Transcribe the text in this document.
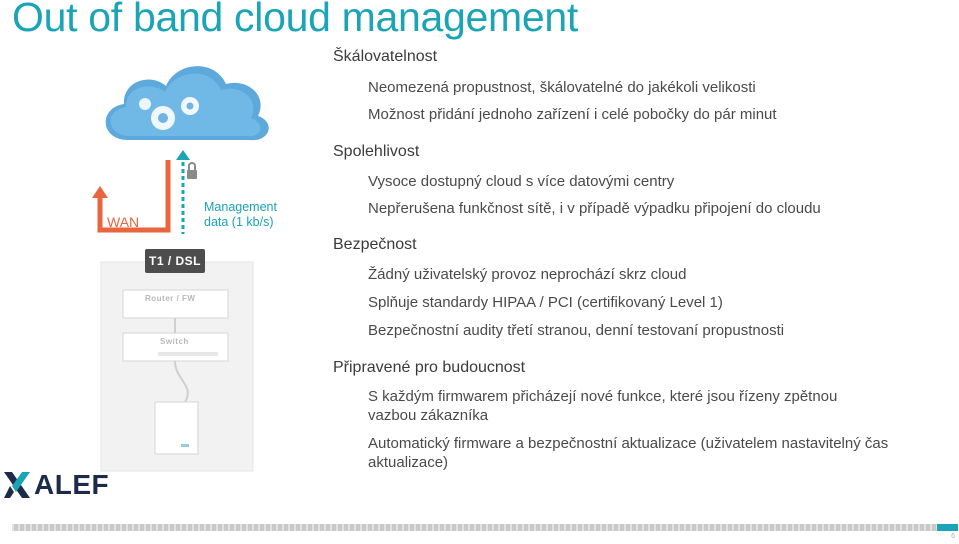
Out of band cloud management
WAN
Management
data (1 kb/s)
T1 / DSL
Router / FW
Switch
Škálovatelnost
Neomezená propustnost, škálovatelné do jakékoli velikosti
Možnost přidání jednoho zařízení i celé pobočky do pár minut
Spolehlivost
Vysoce dostupný cloud s více datovými centry
Nepřerušena funkčnost sítě, i v případě výpadku připojení do cloudu
Bezpečnost
Žádný uživatelský provoz neprochází skrz cloud
Splňuje standardy HIPAA / PCI (certifikovaný Level 1)
Bezpečnostní audity třetí stranou, denní testovaní propustnosti
Připravené pro budoucnost
S každým firmwarem přicházejí nové funkce, které jsou řízeny zpětnou
vazbou zákazníka
Automatický firmware a bezpečnostní aktualizace (uživatelem nastavitelný čas
aktualizace)
ALEF
6
